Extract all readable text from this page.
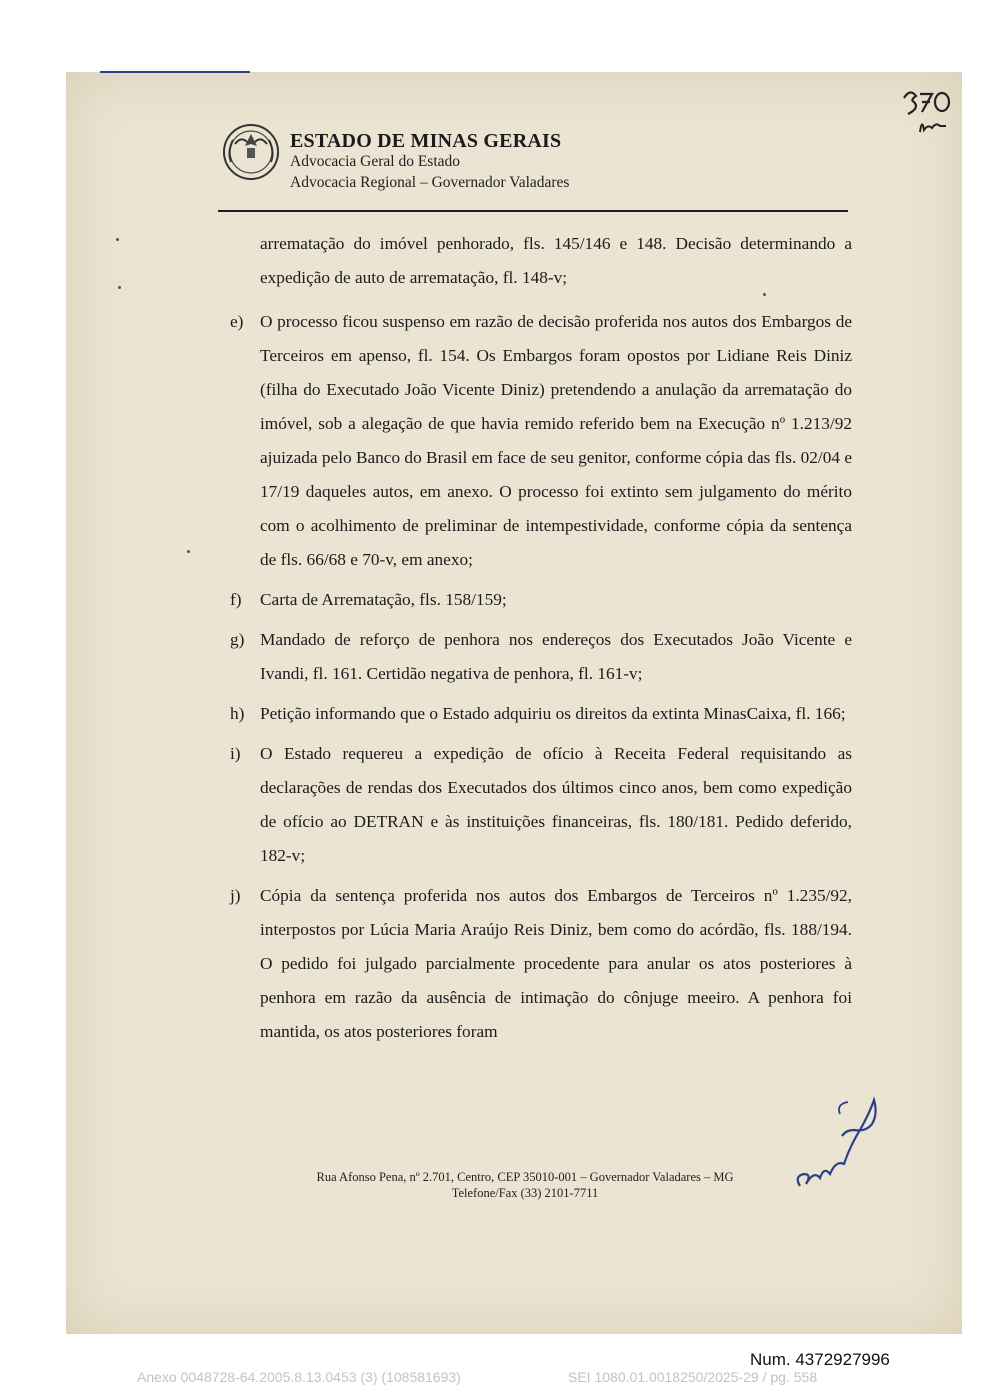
ESTADO DE MINAS GERAIS
Advocacia Geral do Estado
Advocacia Regional – Governador Valadares

arrematação do imóvel penhorado, fls. 145/146 e 148. Decisão determinando a expedição de auto de arrematação, fl. 148-v;

e) O processo ficou suspenso em razão de decisão proferida nos autos dos Embargos de Terceiros em apenso, fl. 154. Os Embargos foram opostos por Lidiane Reis Diniz (filha do Executado João Vicente Diniz) pretendendo a anulação da arrematação do imóvel, sob a alegação de que havia remido referido bem na Execução nº 1.213/92 ajuizada pelo Banco do Brasil em face de seu genitor, conforme cópia das fls. 02/04 e 17/19 daqueles autos, em anexo. O processo foi extinto sem julgamento do mérito com o acolhimento de preliminar de intempestividade, conforme cópia da sentença de fls. 66/68 e 70-v, em anexo;

f) Carta de Arrematação, fls. 158/159;

g) Mandado de reforço de penhora nos endereços dos Executados João Vicente e Ivandi, fl. 161. Certidão negativa de penhora, fl. 161-v;

h) Petição informando que o Estado adquiriu os direitos da extinta MinasCaixa, fl. 166;

i) O Estado requereu a expedição de ofício à Receita Federal requisitando as declarações de rendas dos Executados dos últimos cinco anos, bem como expedição de ofício ao DETRAN e às instituições financeiras, fls. 180/181. Pedido deferido, 182-v;

j) Cópia da sentença proferida nos autos dos Embargos de Terceiros nº 1.235/92, interpostos por Lúcia Maria Araújo Reis Diniz, bem como do acórdão, fls. 188/194. O pedido foi julgado parcialmente procedente para anular os atos posteriores à penhora em razão da ausência de intimação do cônjuge meeiro. A penhora foi mantida, os atos posteriores foram

Rua Afonso Pena, nº 2.701, Centro, CEP 35010-001 – Governador Valadares – MG
Telefone/Fax (33) 2101-7711
Num. 4372927996
Anexo 0048728-64.2005.8.13.0453 (3) (108581693)	SEI 1080.01.0018250/2025-29 / pg. 558
